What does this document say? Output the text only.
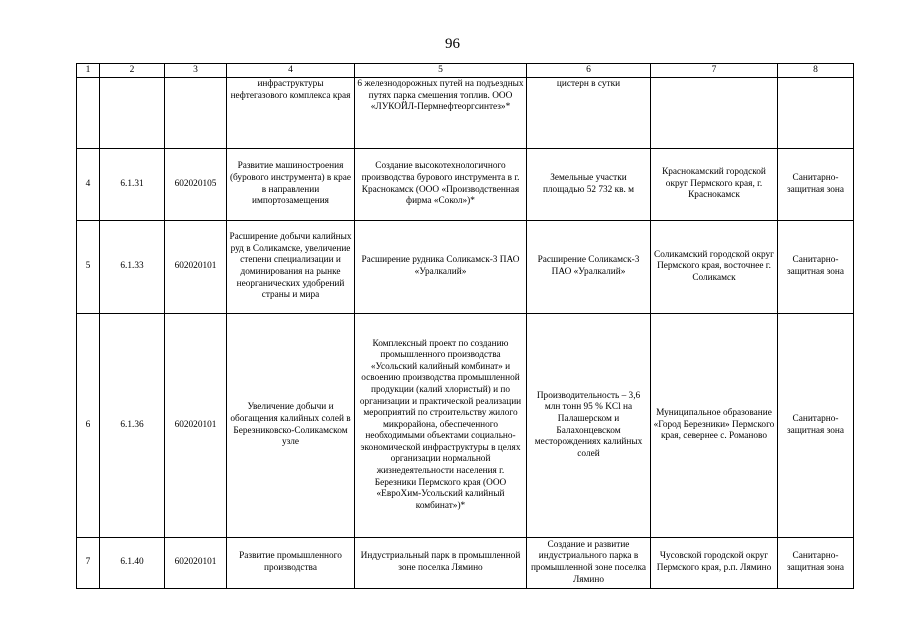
96
1	2	3	4	5	6	7	8
			инфраструктуры нефтегазового комплекса края	6 железнодорожных путей на подъездных путях парка смешения топлив. ООО «ЛУКОЙЛ-Пермнефтеоргсинтез»*	цистерн в сутки		
4	6.1.31	602020105	Развитие машиностроения (бурового инструмента) в крае в направлении импортозамещения	Создание высокотехнологичного производства бурового инструмента в г. Краснокамск (ООО «Производственная фирма «Сокол»)*	Земельные участки площадью 52 732 кв. м	Краснокамский городской округ Пермского края, г. Краснокамск	Санитарно-защитная зона
5	6.1.33	602020101	Расширение добычи калийных руд в Соликамске, увеличение степени специализации и доминирования на рынке неорганических удобрений страны и мира	Расширение рудника Соликамск-3 ПАО «Уралкалий»	Расширение Соликамск-3 ПАО «Уралкалий»	Соликамский городской округ Пермского края, восточнее г. Соликамск	Санитарно-защитная зона
6	6.1.36	602020101	Увеличение добычи и обогащения калийных солей в Березниковско-Соликамском узле	Комплексный проект по созданию промышленного производства «Усольский калийный комбинат» и освоению производства промышленной продукции (калий хлористый) и по организации и практической реализации мероприятий по строительству жилого микрорайона, обеспеченного необходимыми объектами социально-экономической инфраструктуры в целях организации нормальной жизнедеятельности населения г. Березники Пермского края (ООО «ЕвроХим-Усольский калийный комбинат»)*	Производительность – 3,6 млн тонн 95 % KCl на Палашерском и Балахонцевском месторождениях калийных солей	Муниципальное образование «Город Березники» Пермского края, севернее с. Романово	Санитарно-защитная зона
7	6.1.40	602020101	Развитие промышленного производства	Индустриальный парк в промышленной зоне поселка Лямино	Создание и развитие индустриального парка в промышленной зоне поселка Лямино	Чусовской городской округ Пермского края, р.п. Лямино	Санитарно-защитная зона
